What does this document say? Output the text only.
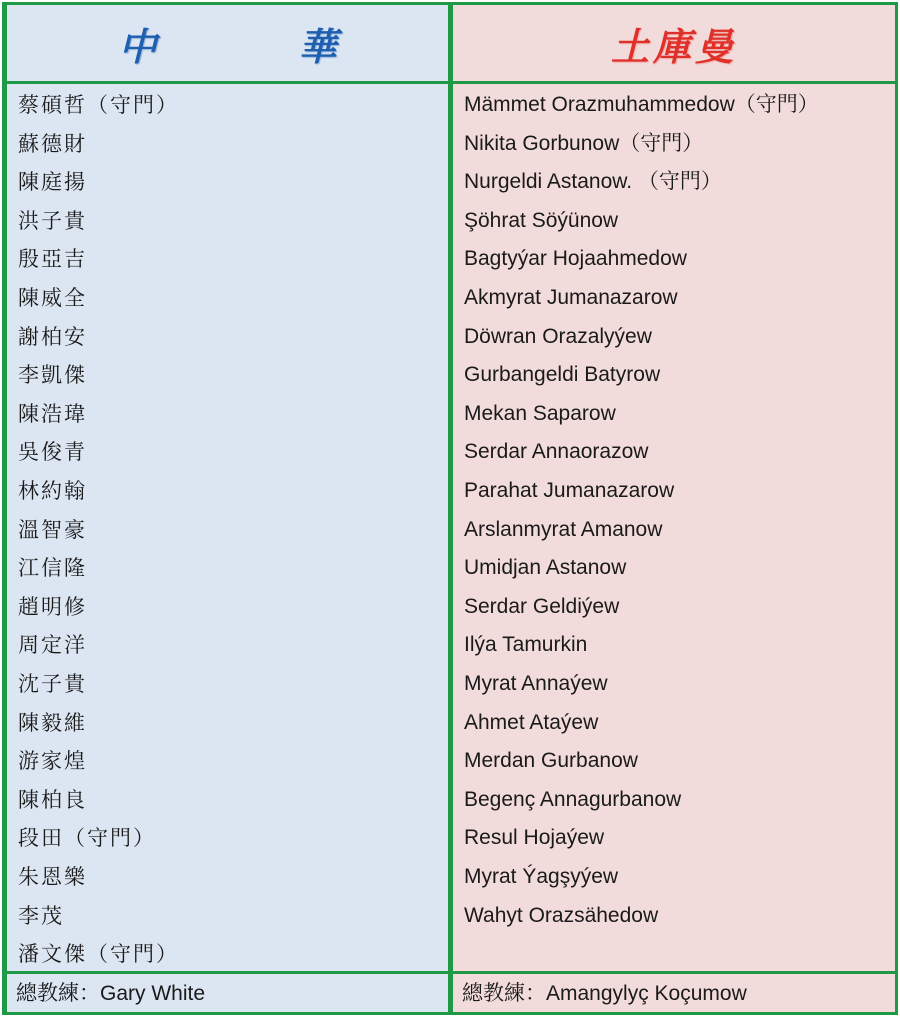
中　華	土庫曼
蔡碩哲（守門）
蘇德財
陳庭揚
洪子貴
殷亞吉
陳威全
謝柏安
李凱傑
陳浩瑋
吳俊青
林約翰
溫智豪
江信隆
趙明修
周定洋
沈子貴
陳毅維
游家煌
陳柏良
段田（守門）
朱恩樂
李茂
潘文傑（守門）
Mämmet Orazmuhammedow（守門）
Nikita Gorbunow（守門）
Nurgeldi Astanow. （守門）
Şöhrat Söýünow
Bagtyýar Hojaahmedow
Akmyrat Jumanazarow
Döwran Orazalyýew
Gurbangeldi Batyrow
Mekan Saparow
Serdar Annaorazow
Parahat Jumanazarow
Arslanmyrat Amanow
Umidjan Astanow
Serdar Geldiýew
Ilýa Tamurkin
Myrat Annaýew
Ahmet Ataýew
Merdan Gurbanow
Begenç Annagurbanow
Resul Hojaýew
Myrat Ýagşyýew
Wahyt Orazsähedow
總教練：Gary White	總教練：Amangylyç Koçumow
